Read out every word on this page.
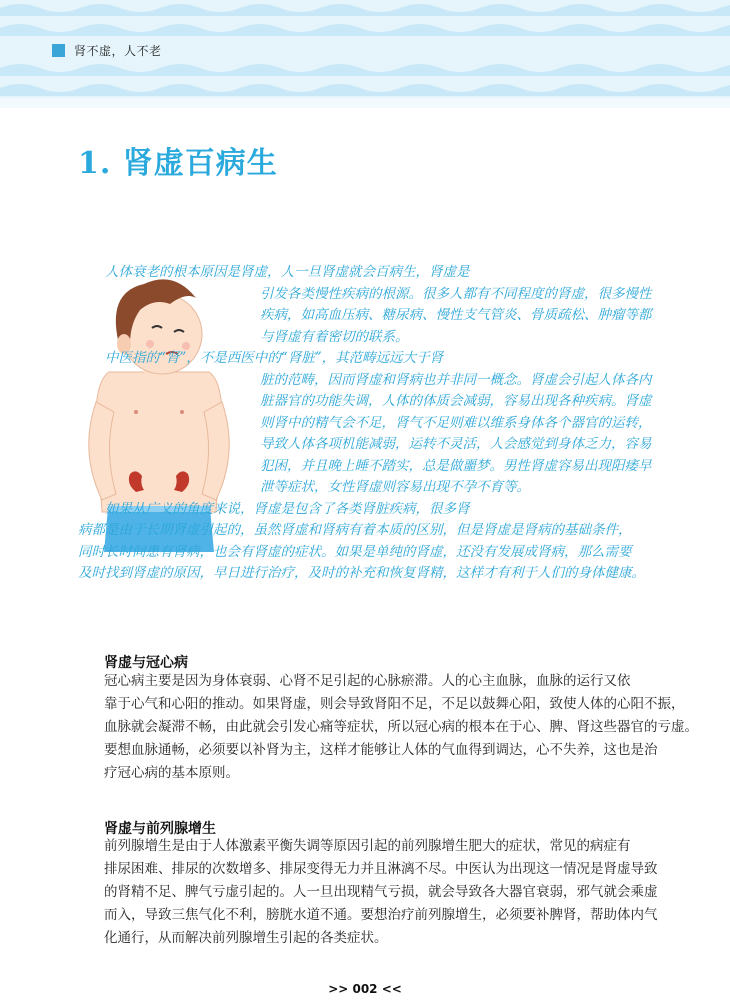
肾不虚，人不老
1. 肾虚百病生
人体衰老的根本原因是肾虚，人一旦肾虚就会百病生，肾虚是
引发各类慢性疾病的根源。很多人都有不同程度的肾虚，很多慢性
疾病，如高血压病、糖尿病、慢性支气管炎、骨质疏松、肿瘤等都
与肾虚有着密切的联系。
中医指的“肾”，不是西医中的“肾脏”，其范畴远远大于肾
脏的范畴，因而肾虚和肾病也并非同一概念。肾虚会引起人体各内
脏器官的功能失调，人体的体质会减弱，容易出现各种疾病。肾虚
则肾中的精气会不足，肾气不足则难以维系身体各个器官的运转，
导致人体各项机能减弱，运转不灵活，人会感觉到身体乏力，容易
犯困，并且晚上睡不踏实，总是做噩梦。男性肾虚容易出现阳痿早
泄等症状，女性肾虚则容易出现不孕不育等。
如果从广义的角度来说，肾虚是包含了各类肾脏疾病，很多肾
病都是由于长期肾虚引起的，虽然肾虚和肾病有着本质的区别，但是肾虚是肾病的基础条件，
同时长时间患有肾病，也会有肾虚的症状。如果是单纯的肾虚，还没有发展成肾病，那么需要
及时找到肾虚的原因，早日进行治疗，及时的补充和恢复肾精，这样才有利于人们的身体健康。
肾虚与冠心病
冠心病主要是因为身体衰弱、心肾不足引起的心脉瘀滞。人的心主血脉，血脉的运行又依
靠于心气和心阳的推动。如果肾虚，则会导致肾阳不足，不足以鼓舞心阳，致使人体的心阳不振，
血脉就会凝滞不畅，由此就会引发心痛等症状，所以冠心病的根本在于心、脾、肾这些器官的亏虚。
要想血脉通畅，必须要以补肾为主，这样才能够让人体的气血得到调达，心不失养，这也是治
疗冠心病的基本原则。
肾虚与前列腺增生
前列腺增生是由于人体激素平衡失调等原因引起的前列腺增生肥大的症状，常见的病症有
排尿困难、排尿的次数增多、排尿变得无力并且淋漓不尽。中医认为出现这一情况是肾虚导致
的肾精不足、脾气亏虚引起的。人一旦出现精气亏损，就会导致各大器官衰弱，邪气就会乘虚
而入，导致三焦气化不利，膀胱水道不通。要想治疗前列腺增生，必须要补脾肾，帮助体内气
化通行，从而解决前列腺增生引起的各类症状。
>> 002 <<
